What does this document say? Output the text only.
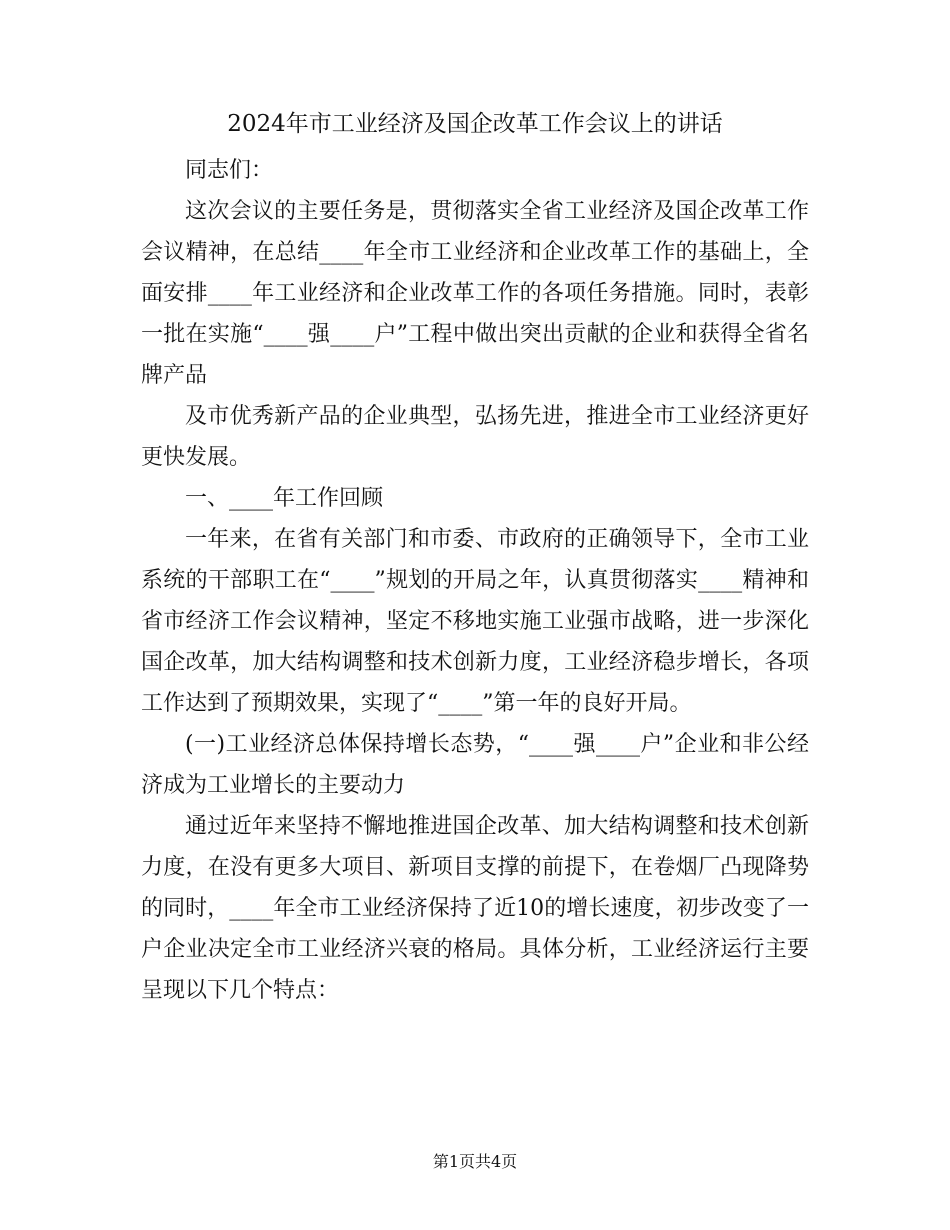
2024年市工业经济及国企改革工作会议上的讲话

同志们：

这次会议的主要任务是，贯彻落实全省工业经济及国企改革工作会议精神，在总结____年全市工业经济和企业改革工作的基础上，全面安排____年工业经济和企业改革工作的各项任务措施。同时，表彰一批在实施“____强____户”工程中做出突出贡献的企业和获得全省名牌产品

及市优秀新产品的企业典型，弘扬先进，推进全市工业经济更好更快发展。

一、____年工作回顾

一年来，在省有关部门和市委、市政府的正确领导下，全市工业系统的干部职工在“____”规划的开局之年，认真贯彻落实____精神和省市经济工作会议精神，坚定不移地实施工业强市战略，进一步深化国企改革，加大结构调整和技术创新力度，工业经济稳步增长，各项工作达到了预期效果，实现了“____”第一年的良好开局。

(一)工业经济总体保持增长态势，“____强____户”企业和非公经济成为工业增长的主要动力

通过近年来坚持不懈地推进国企改革、加大结构调整和技术创新力度，在没有更多大项目、新项目支撑的前提下，在卷烟厂凸现降势的同时，____年全市工业经济保持了近10的增长速度，初步改变了一户企业决定全市工业经济兴衰的格局。具体分析，工业经济运行主要呈现以下几个特点：

第1页共4页
